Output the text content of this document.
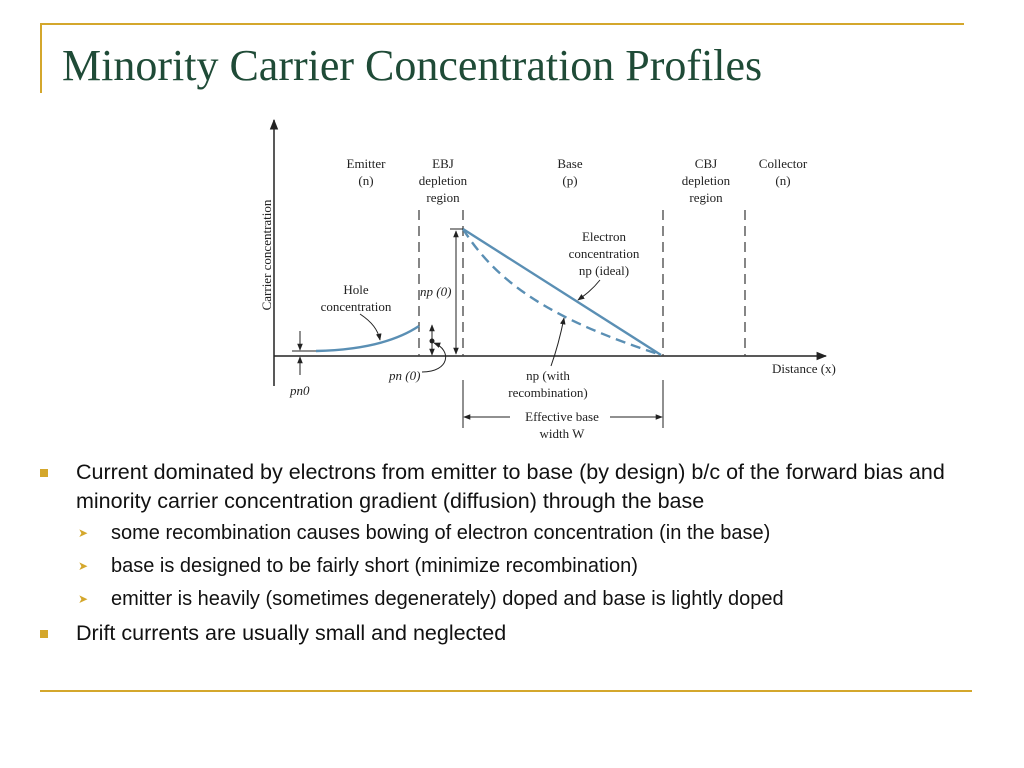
Minority Carrier Concentration Profiles
Carrier concentration
Distance (x)
Emitter (n)
EBJ depletion region
Base (p)
CBJ depletion region
Collector (n)
np (0)
pn (0)
pn0
Hole concentration
Electron concentration np (ideal)
np (with recombination)
Effective base width W
Current dominated by electrons from emitter to base (by design) b/c of the forward bias and minority carrier concentration gradient (diffusion) through the base
➤ some recombination causes bowing of electron concentration (in the base)
➤ base is designed to be fairly short (minimize recombination)
➤ emitter is heavily (sometimes degenerately) doped and base is lightly doped
Drift currents are usually small and neglected
